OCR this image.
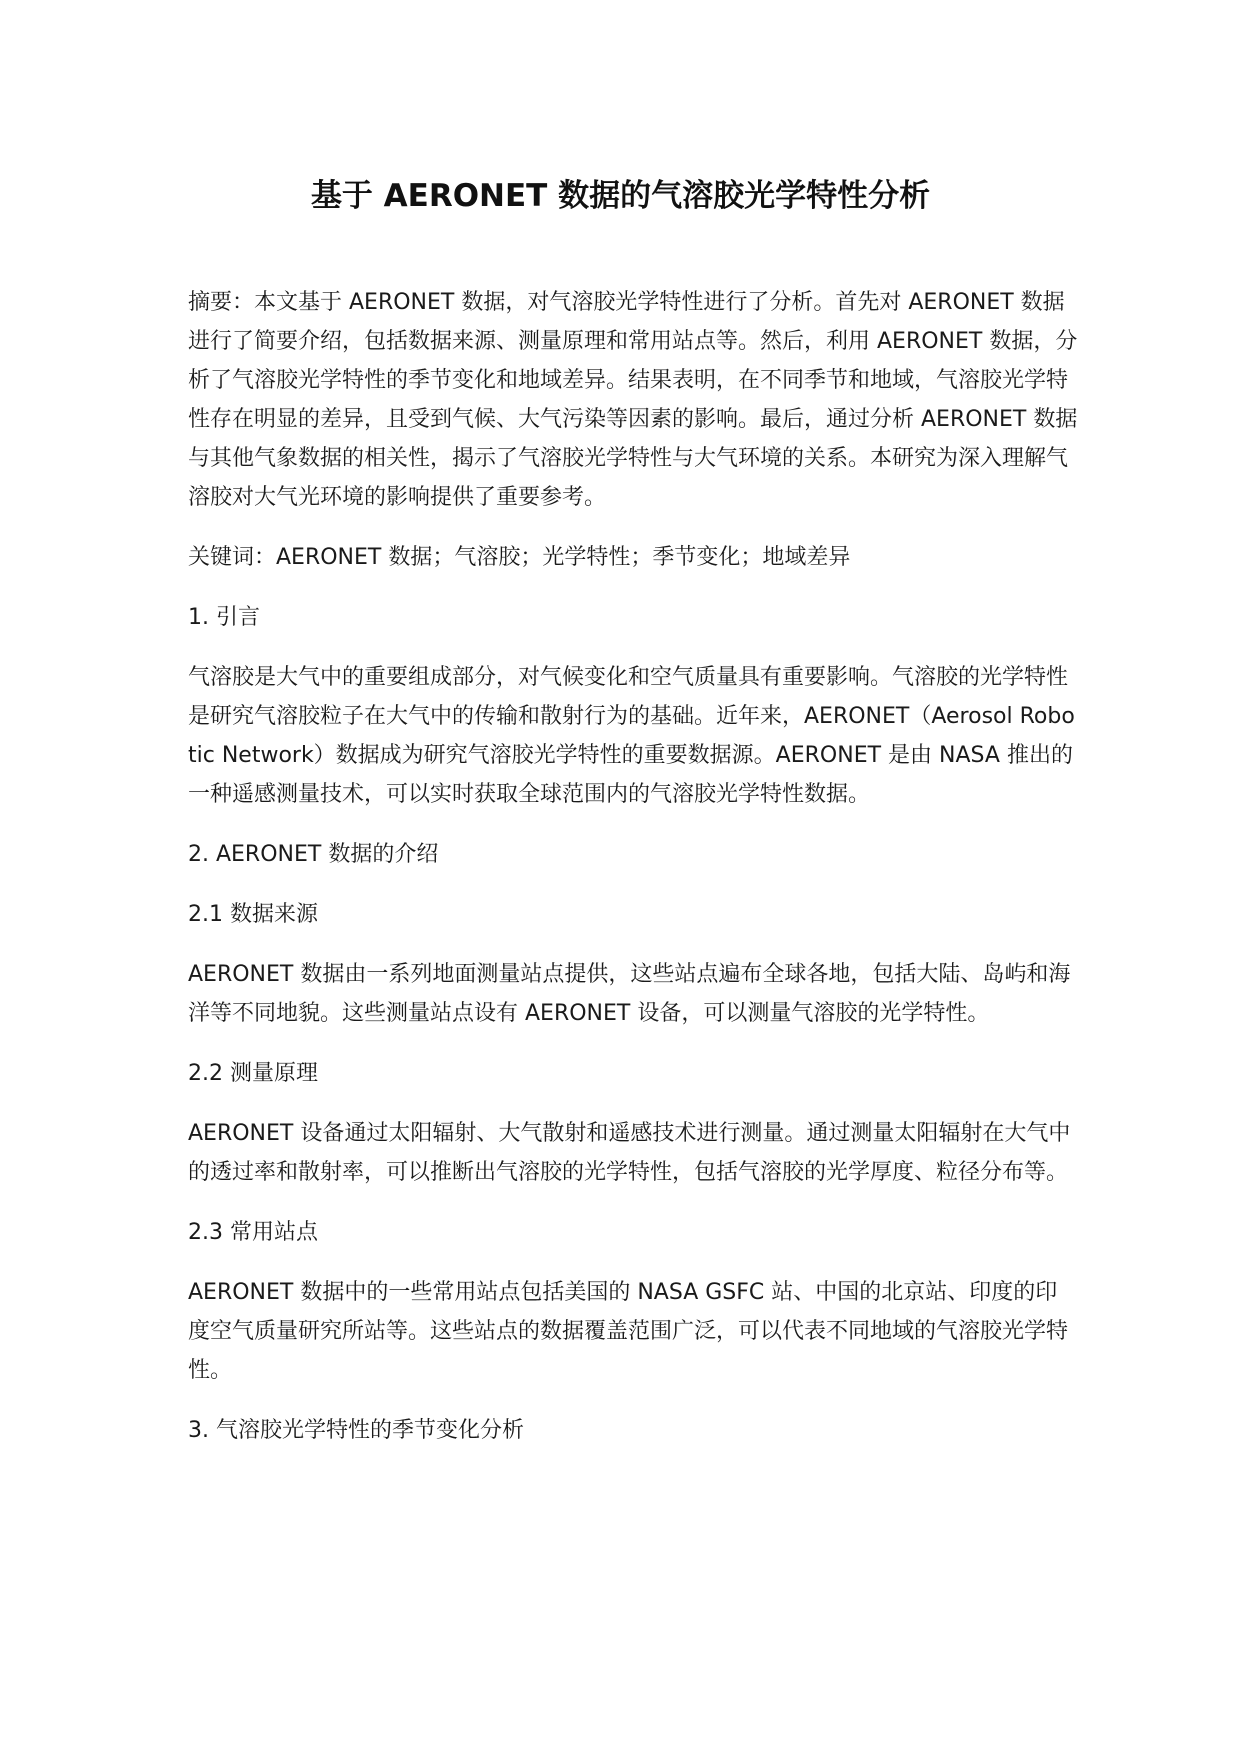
基于 AERONET 数据的气溶胶光学特性分析

摘要：本文基于 AERONET 数据，对气溶胶光学特性进行了分析。首先对 AERONET 数据进行了简要介绍，包括数据来源、测量原理和常用站点等。然后，利用 AERONET 数据，分析了气溶胶光学特性的季节变化和地域差异。结果表明，在不同季节和地域，气溶胶光学特性存在明显的差异，且受到气候、大气污染等因素的影响。最后，通过分析 AERONET 数据与其他气象数据的相关性，揭示了气溶胶光学特性与大气环境的关系。本研究为深入理解气溶胶对大气光环境的影响提供了重要参考。

关键词：AERONET 数据；气溶胶；光学特性；季节变化；地域差异

1. 引言

气溶胶是大气中的重要组成部分，对气候变化和空气质量具有重要影响。气溶胶的光学特性是研究气溶胶粒子在大气中的传输和散射行为的基础。近年来，AERONET（Aerosol Robotic Network）数据成为研究气溶胶光学特性的重要数据源。AERONET 是由 NASA 推出的一种遥感测量技术，可以实时获取全球范围内的气溶胶光学特性数据。

2. AERONET 数据的介绍

2.1 数据来源

AERONET 数据由一系列地面测量站点提供，这些站点遍布全球各地，包括大陆、岛屿和海洋等不同地貌。这些测量站点设有 AERONET 设备，可以测量气溶胶的光学特性。

2.2 测量原理

AERONET 设备通过太阳辐射、大气散射和遥感技术进行测量。通过测量太阳辐射在大气中的透过率和散射率，可以推断出气溶胶的光学特性，包括气溶胶的光学厚度、粒径分布等。

2.3 常用站点

AERONET 数据中的一些常用站点包括美国的 NASA GSFC 站、中国的北京站、印度的印度空气质量研究所站等。这些站点的数据覆盖范围广泛，可以代表不同地域的气溶胶光学特性。

3. 气溶胶光学特性的季节变化分析
